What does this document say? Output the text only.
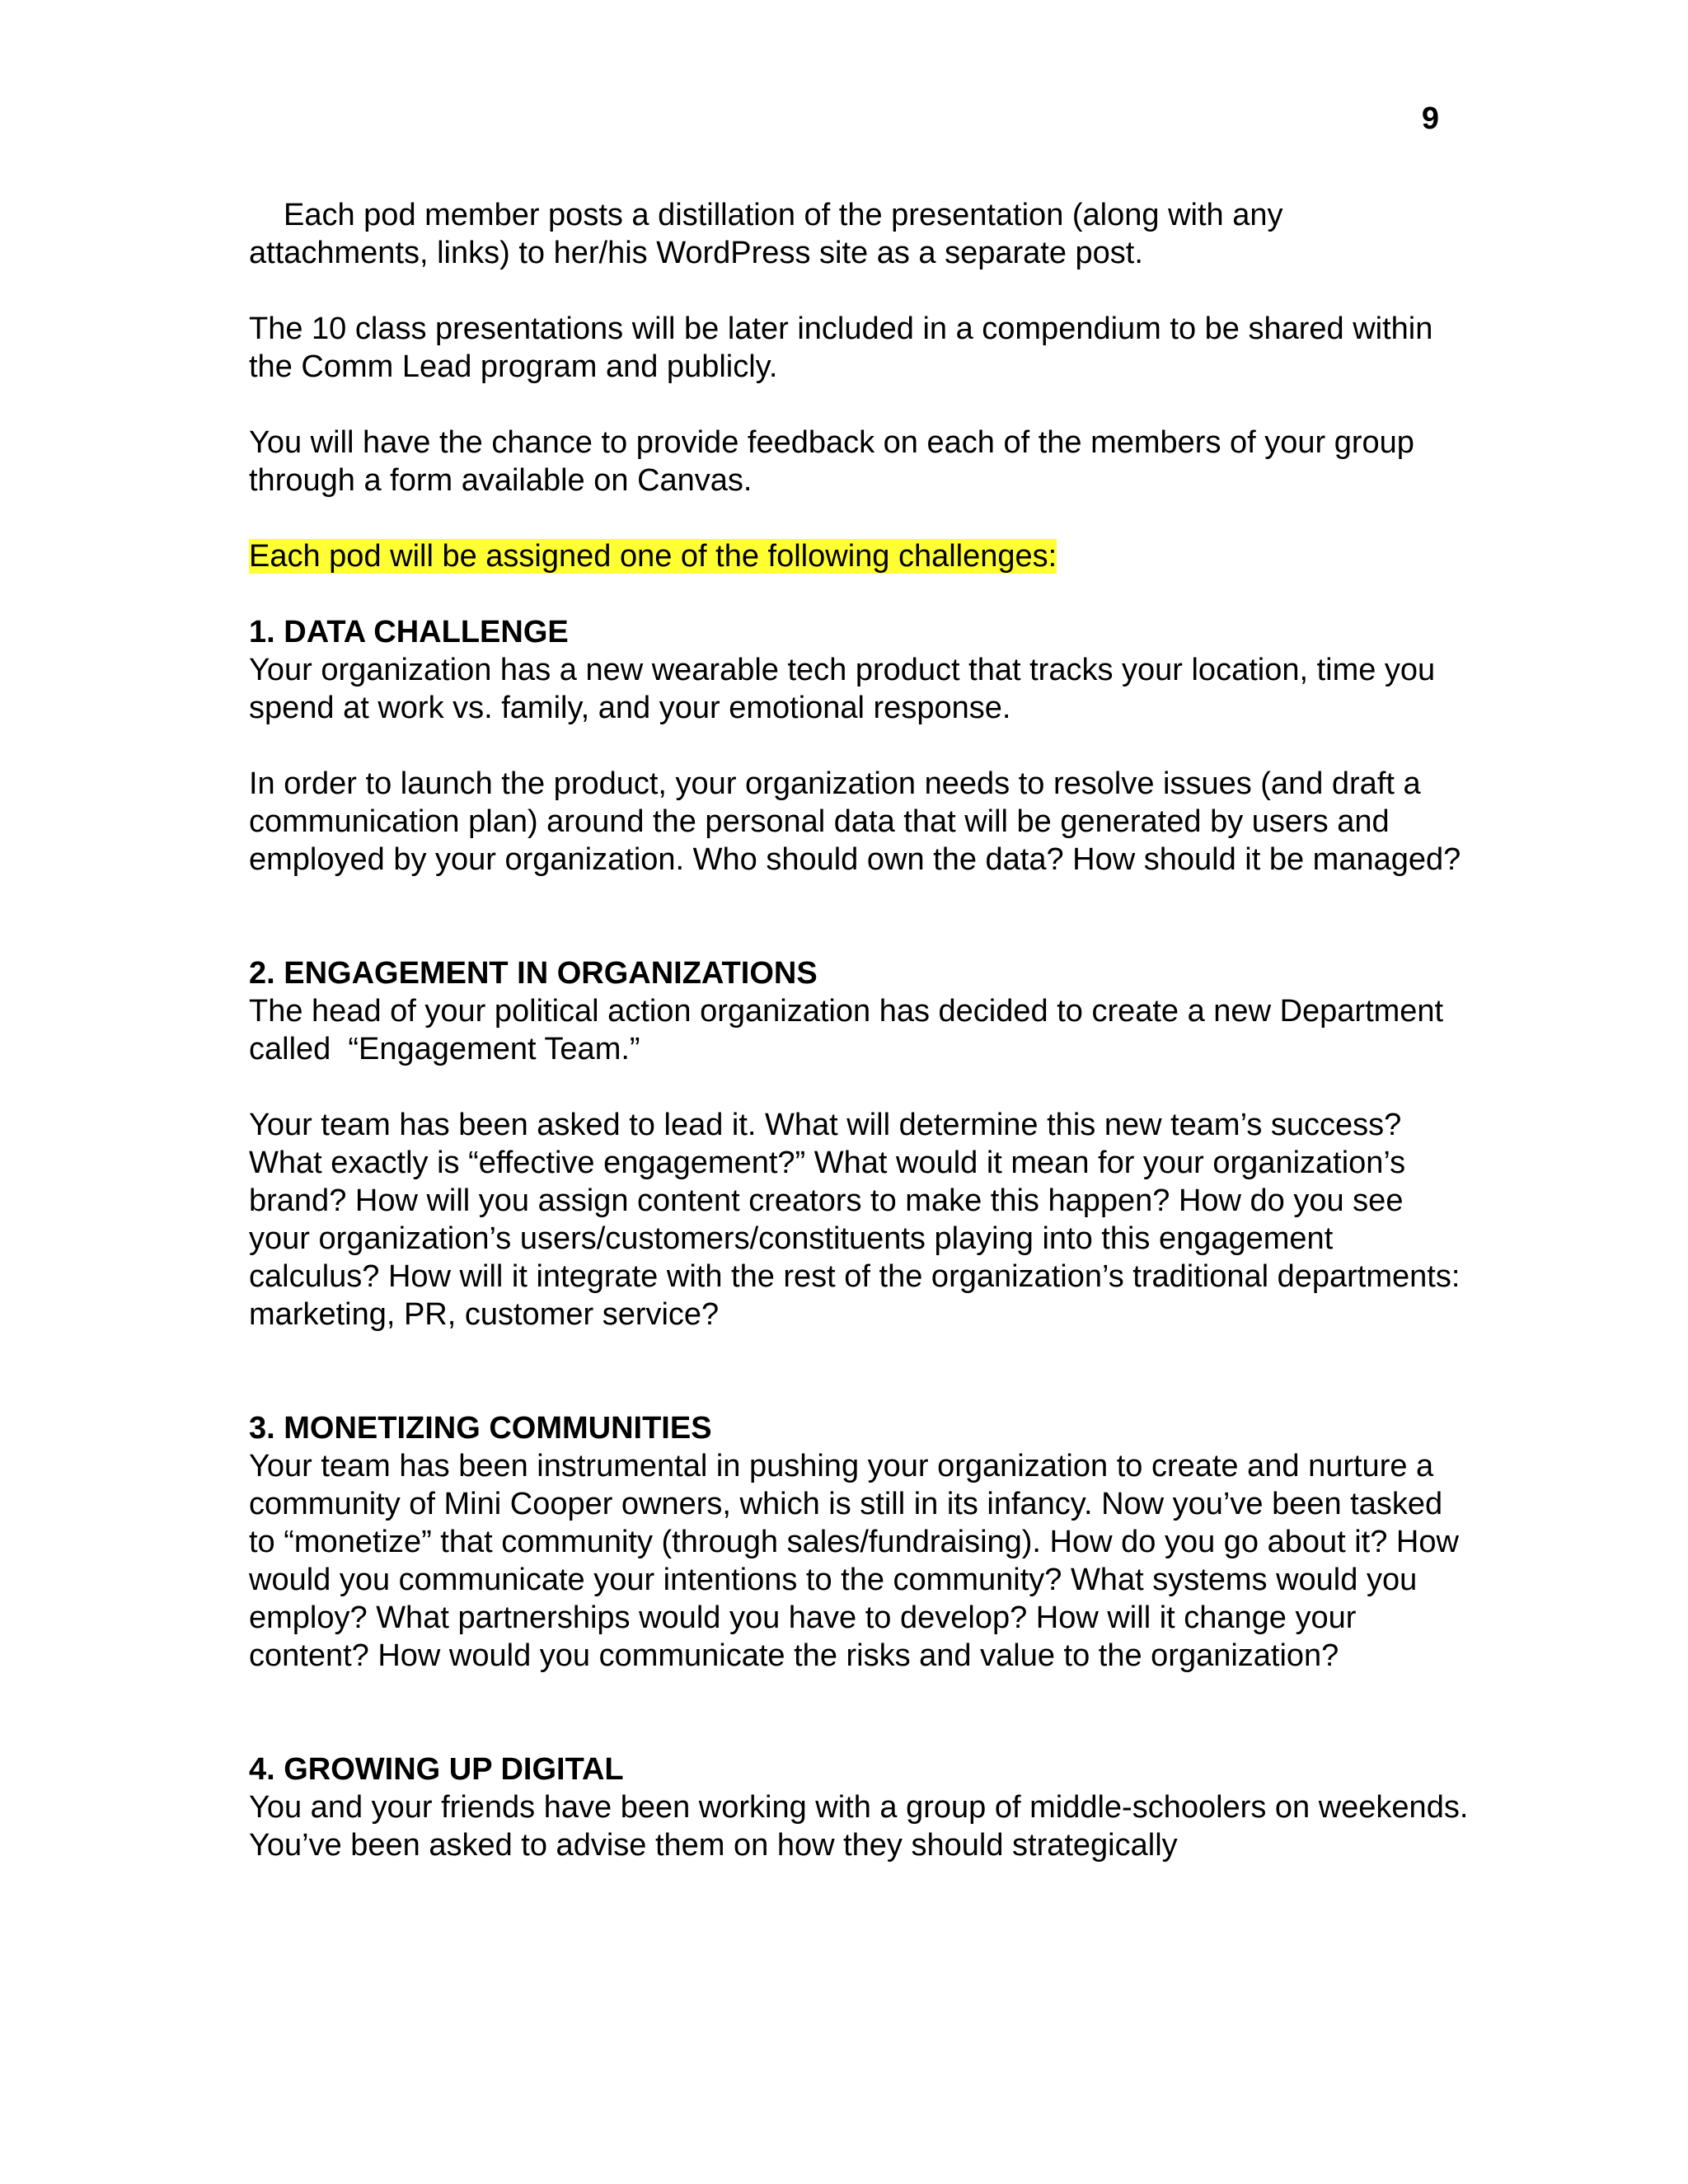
9

Each pod member posts a distillation of the presentation (along with any attachments, links) to her/his WordPress site as a separate post.

The 10 class presentations will be later included in a compendium to be shared within the Comm Lead program and publicly.

You will have the chance to provide feedback on each of the members of your group through a form available on Canvas.

Each pod will be assigned one of the following challenges:

1. DATA CHALLENGE

Your organization has a new wearable tech product that tracks your location, time you spend at work vs. family, and your emotional response.

In order to launch the product, your organization needs to resolve issues (and draft a communication plan) around the personal data that will be generated by users and employed by your organization. Who should own the data? How should it be managed?

2. ENGAGEMENT IN ORGANIZATIONS

The head of your political action organization has decided to create a new Department called  “Engagement Team.”

Your team has been asked to lead it. What will determine this new team’s success? What exactly is “effective engagement?” What would it mean for your organization’s brand? How will you assign content creators to make this happen? How do you see your organization’s users/customers/constituents playing into this engagement calculus? How will it integrate with the rest of the organization’s traditional departments: marketing, PR, customer service?

3. MONETIZING COMMUNITIES

Your team has been instrumental in pushing your organization to create and nurture a community of Mini Cooper owners, which is still in its infancy. Now you’ve been tasked to “monetize” that community (through sales/fundraising). How do you go about it? How would you communicate your intentions to the community? What systems would you employ? What partnerships would you have to develop? How will it change your content? How would you communicate the risks and value to the organization?

4. GROWING UP DIGITAL

You and your friends have been working with a group of middle-schoolers on weekends. You’ve been asked to advise them on how they should strategically
